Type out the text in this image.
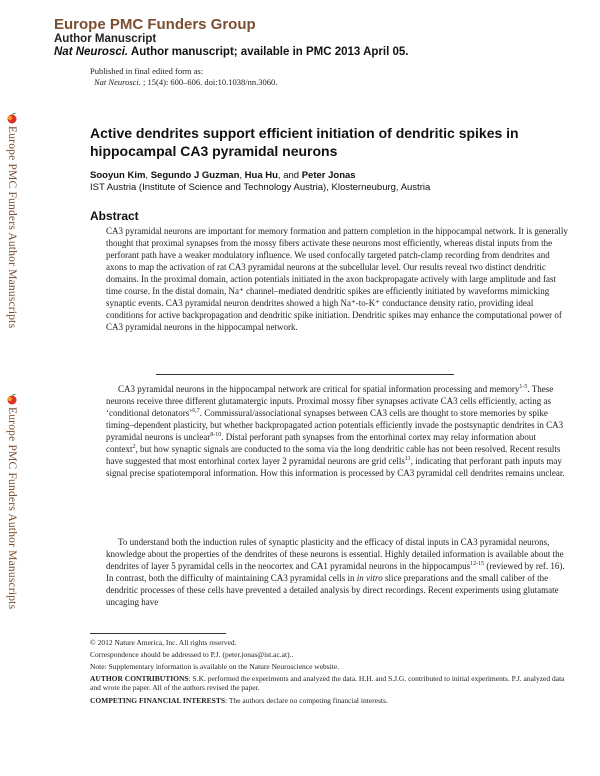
Europe PMC Funders Group
Author Manuscript
Nat Neurosci. Author manuscript; available in PMC 2013 April 05.
Published in final edited form as:
Nat Neurosci. ; 15(4): 600–606. doi:10.1038/nn.3060.
Europe PMC Funders Author Manuscripts
Europe PMC Funders Author Manuscripts
Active dendrites support efficient initiation of dendritic spikes in hippocampal CA3 pyramidal neurons
Sooyun Kim, Segundo J Guzman, Hua Hu, and Peter Jonas
IST Austria (Institute of Science and Technology Austria), Klosterneuburg, Austria
Abstract

CA3 pyramidal neurons are important for memory formation and pattern completion in the hippocampal network. It is generally thought that proximal synapses from the mossy fibers activate these neurons most efficiently, whereas distal inputs from the perforant path have a weaker modulatory influence. We used confocally targeted patch-clamp recording from dendrites and axons to map the activation of rat CA3 pyramidal neurons at the subcellular level. Our results reveal two distinct dendritic domains. In the proximal domain, action potentials initiated in the axon backpropagate actively with large amplitude and fast time course. In the distal domain, Na⁺ channel–mediated dendritic spikes are efficiently initiated by waveforms mimicking synaptic events. CA3 pyramidal neuron dendrites showed a high Na⁺-to-K⁺ conductance density ratio, providing ideal conditions for active backpropagation and dendritic spike initiation. Dendritic spikes may enhance the computational power of CA3 pyramidal neurons in the hippocampal network.

CA3 pyramidal neurons in the hippocampal network are critical for spatial information processing and memory$^{1-5}$. These neurons receive three different glutamatergic inputs. Proximal mossy fiber synapses activate CA3 cells efficiently, acting as ‘conditional detonators’$^{6,7}$. Commissural/associational synapses between CA3 cells are thought to store memories by spike timing–dependent plasticity, but whether backpropagated action potentials efficiently invade the postsynaptic dendrites in CA3 pyramidal neurons is unclear$^{8-10}$. Distal perforant path synapses from the entorhinal cortex may relay information about context$^2$, but how synaptic signals are conducted to the soma via the long dendritic cable has not been resolved. Recent results have suggested that most entorhinal cortex layer 2 pyramidal neurons are grid cells$^{11}$, indicating that perforant path inputs may signal precise spatiotemporal information. How this information is processed by CA3 pyramidal cell dendrites remains unclear.

To understand both the induction rules of synaptic plasticity and the efficacy of distal inputs in CA3 pyramidal neurons, knowledge about the properties of the dendrites of these neurons is essential. Highly detailed information is available about the dendrites of layer 5 pyramidal cells in the neocortex and CA1 pyramidal neurons in the hippocampus$^{12-15}$ (reviewed by ref. 16). In contrast, both the difficulty of maintaining CA3 pyramidal cells in in vitro slice preparations and the small caliber of the dendritic processes of these cells have prevented a detailed analysis by direct recordings. Recent experiments using glutamate uncaging have

© 2012 Nature America, Inc. All rights reserved.

Correspondence should be addressed to P.J. (peter.jonas@ist.ac.at)..

Note: Supplementary information is available on the Nature Neuroscience website.

AUTHOR CONTRIBUTIONS: S.K. performed the experiments and analyzed the data. H.H. and S.J.G. contributed to initial experiments. P.J. analyzed data and wrote the paper. All of the authors revised the paper.

COMPETING FINANCIAL INTERESTS: The authors declare no competing financial interests.
